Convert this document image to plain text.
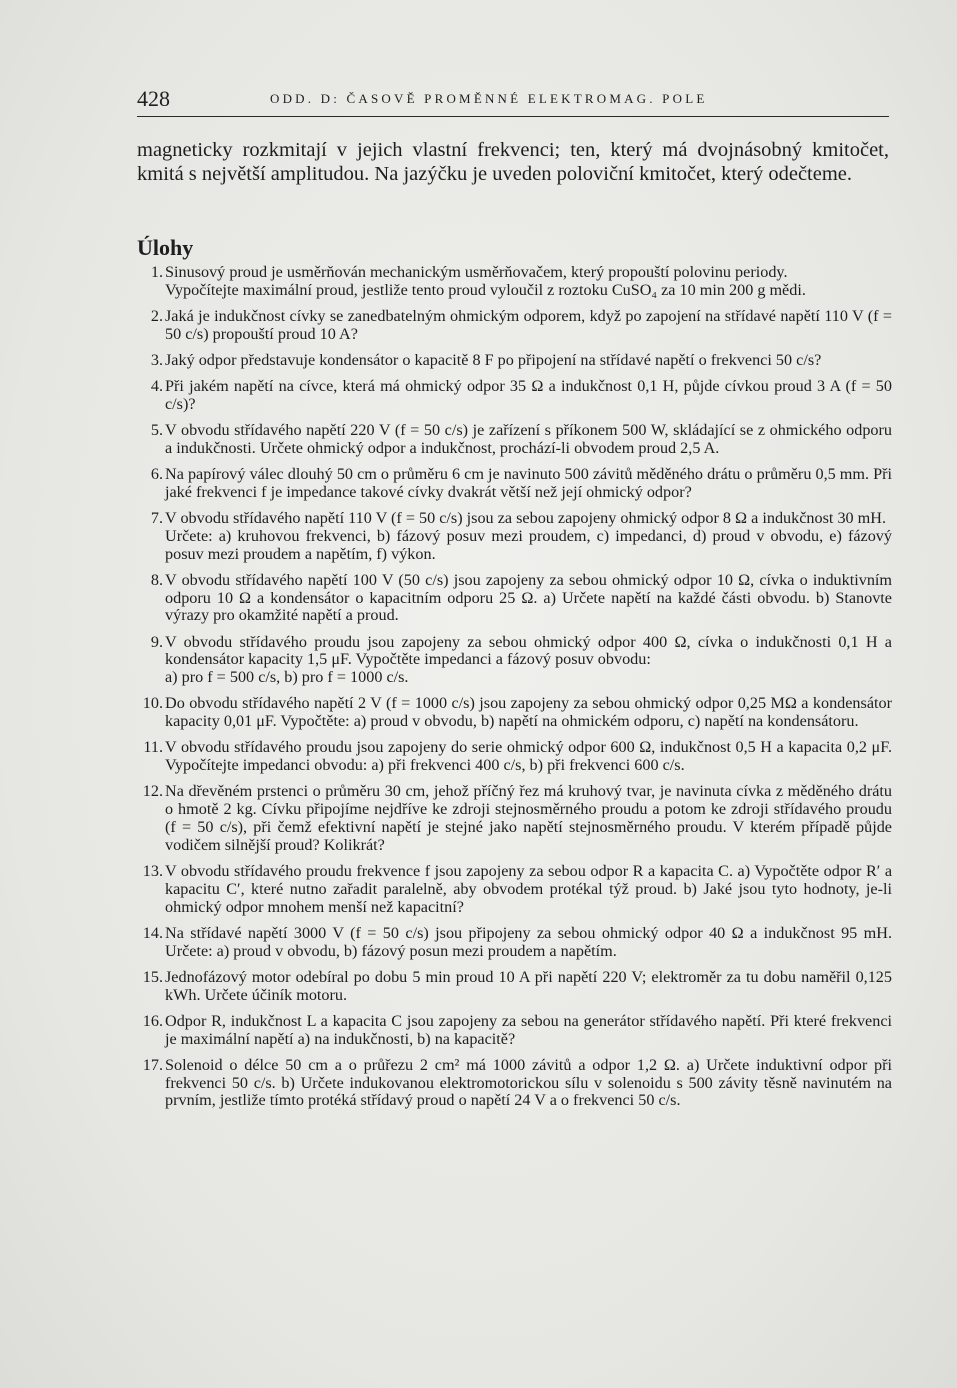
428	ODD. D: ČASOVĚ PROMĚNNÉ ELEKTROMAG. POLE

magneticky rozkmitají v jejich vlastní frekvenci; ten, který má dvojnásobný kmitočet, kmitá s největší amplitudou. Na jazýčku je uveden poloviční kmitočet, který odečteme.

Úlohy
1. Sinusový proud je usměrňován mechanickým usměrňovačem, který propouští polovinu periody.
Vypočítejte maximální proud, jestliže tento proud vyloučil z roztoku CuSO₄ za 10 min 200 g mědi.
2. Jaká je indukčnost cívky se zanedbatelným ohmickým odporem, když po zapojení na střídavé napětí 110 V (f = 50 c/s) propouští proud 10 A?
3. Jaký odpor představuje kondensátor o kapacitě 8 F po připojení na střídavé napětí o frekvenci 50 c/s?
4. Při jakém napětí na cívce, která má ohmický odpor 35 Ω a indukčnost 0,1 H, půjde cívkou proud 3 A (f = 50 c/s)?
5. V obvodu střídavého napětí 220 V (f = 50 c/s) je zařízení s příkonem 500 W, skládající se z ohmického odporu a indukčnosti. Určete ohmický odpor a indukčnost, prochází-li obvodem proud 2,5 A.
6. Na papírový válec dlouhý 50 cm o průměru 6 cm je navinuto 500 závitů měděného drátu o průměru 0,5 mm. Při jaké frekvenci f je impedance takové cívky dvakrát větší než její ohmický odpor?
7. V obvodu střídavého napětí 110 V (f = 50 c/s) jsou za sebou zapojeny ohmický odpor 8 Ω a indukčnost 30 mH.
Určete: a) kruhovou frekvenci, b) fázový posuv mezi proudem, c) impedanci, d) proud v obvodu, e) fázový posuv mezi proudem a napětím, f) výkon.
8. V obvodu střídavého napětí 100 V (50 c/s) jsou zapojeny za sebou ohmický odpor 10 Ω, cívka o induktivním odporu 10 Ω a kondensátor o kapacitním odporu 25 Ω. a) Určete napětí na každé části obvodu. b) Stanovte výrazy pro okamžité napětí a proud.
9. V obvodu střídavého proudu jsou zapojeny za sebou ohmický odpor 400 Ω, cívka o indukčnosti 0,1 H a kondensátor kapacity 1,5 μF. Vypočtěte impedanci a fázový posuv obvodu:
a) pro f = 500 c/s, b) pro f = 1000 c/s.
10. Do obvodu střídavého napětí 2 V (f = 1000 c/s) jsou zapojeny za sebou ohmický odpor 0,25 MΩ a kondensátor kapacity 0,01 μF. Vypočtěte: a) proud v obvodu, b) napětí na ohmickém odporu, c) napětí na kondensátoru.
11. V obvodu střídavého proudu jsou zapojeny do serie ohmický odpor 600 Ω, indukčnost 0,5 H a kapacita 0,2 μF. Vypočítejte impedanci obvodu: a) při frekvenci 400 c/s, b) při frekvenci 600 c/s.
12. Na dřevěném prstenci o průměru 30 cm, jehož příčný řez má kruhový tvar, je navinuta cívka z měděného drátu o hmotě 2 kg. Cívku připojíme nejdříve ke zdroji stejnosměrného proudu a potom ke zdroji střídavého proudu (f = 50 c/s), při čemž efektivní napětí je stejné jako napětí stejnosměrného proudu. V kterém případě půjde vodičem silnější proud? Kolikrát?
13. V obvodu střídavého proudu frekvence f jsou zapojeny za sebou odpor R a kapacita C. a) Vypočtěte odpor R′ a kapacitu C′, které nutno zařadit paralelně, aby obvodem protékal týž proud. b) Jaké jsou tyto hodnoty, je-li ohmický odpor mnohem menší než kapacitní?
14. Na střídavé napětí 3000 V (f = 50 c/s) jsou připojeny za sebou ohmický odpor 40 Ω a indukčnost 95 mH. Určete: a) proud v obvodu, b) fázový posun mezi proudem a napětím.
15. Jednofázový motor odebíral po dobu 5 min proud 10 A při napětí 220 V; elektroměr za tu dobu naměřil 0,125 kWh. Určete účiník motoru.
16. Odpor R, indukčnost L a kapacita C jsou zapojeny za sebou na generátor střídavého napětí. Při které frekvenci je maximální napětí a) na indukčnosti, b) na kapacitě?
17. Solenoid o délce 50 cm a o průřezu 2 cm² má 1000 závitů a odpor 1,2 Ω. a) Určete induktivní odpor při frekvenci 50 c/s. b) Určete indukovanou elektromotorickou sílu v solenoidu s 500 závity těsně navinutém na prvním, jestliže tímto protéká střídavý proud o napětí 24 V a o frekvenci 50 c/s.
